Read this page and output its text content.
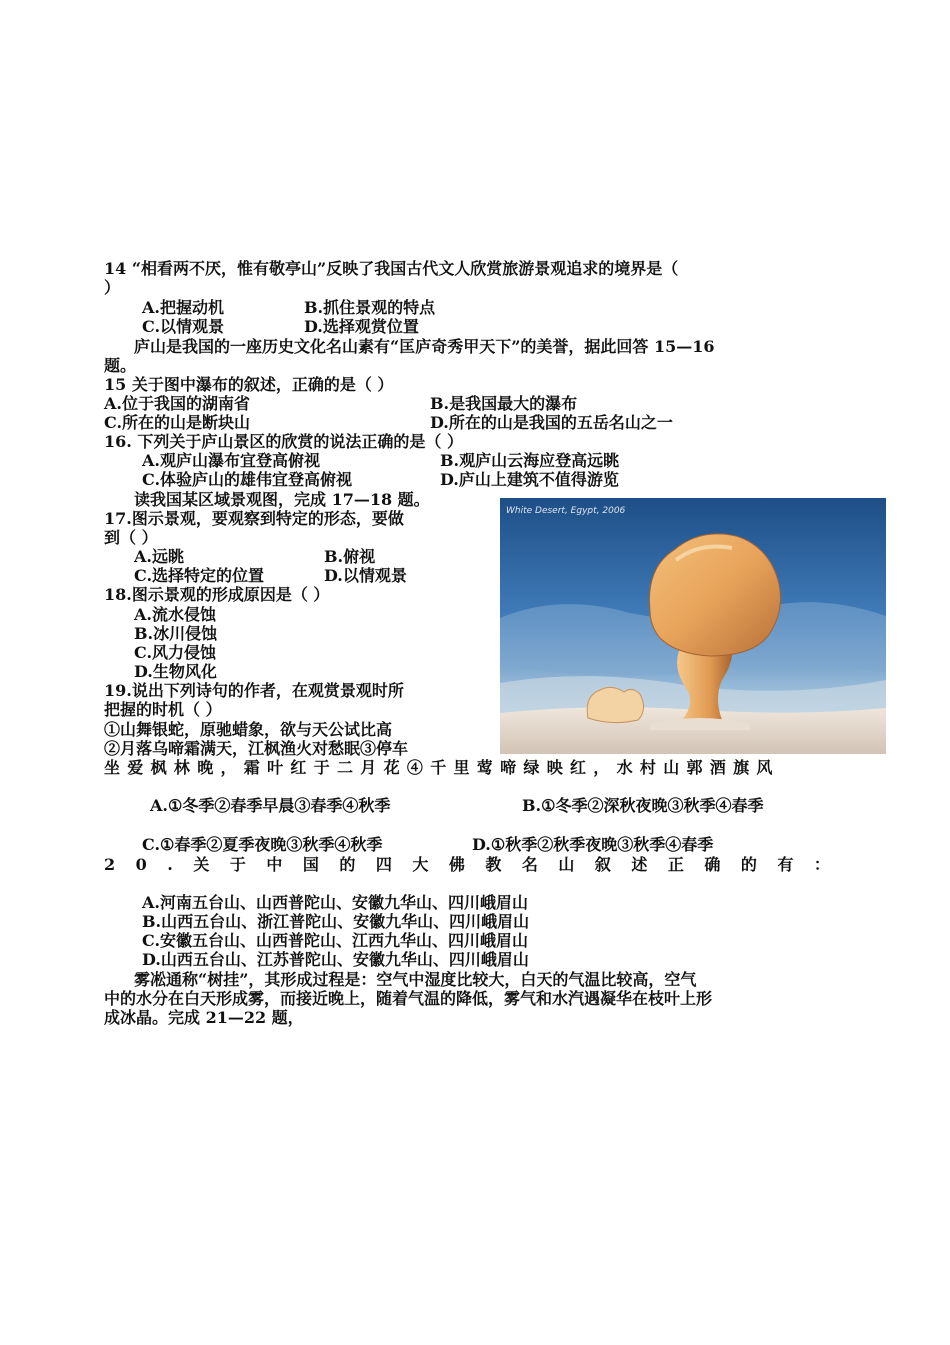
14 “相看两不厌，惟有敬亭山”反映了我国古代文人欣赏旅游景观追求的境界是（
）
A.把握动机	B.抓住景观的特点
C.以情观景	D.选择观赏位置
庐山是我国的一座历史文化名山素有“匡庐奇秀甲天下”的美誉，据此回答 15—16
题。
15 关于图中瀑布的叙述，正确的是（ ）
A.位于我国的湖南省	B.是我国最大的瀑布
C.所在的山是断块山	D.所在的山是我国的五岳名山之一
16. 下列关于庐山景区的欣赏的说法正确的是（ ）
A.观庐山瀑布宜登高俯视	B.观庐山云海应登高远眺
C.体验庐山的雄伟宜登高俯视	D.庐山上建筑不值得游览
读我国某区域景观图，完成 17—18 题。
17.图示景观，要观察到特定的形态，要做
到（ ）
A.远眺	B.俯视
C.选择特定的位置	D.以情观景
18.图示景观的形成原因是（ ）
A.流水侵蚀
B.冰川侵蚀
C.风力侵蚀
D.生物风化
19.说出下列诗句的作者，在观赏景观时所
把握的时机（ ）
①山舞银蛇，原驰蜡象，欲与天公试比高
②月落乌啼霜满天，江枫渔火对愁眠③停车
坐爱枫林晚，霜叶红于二月花④千里莺啼绿映红，水村山郭酒旗风
A.①冬季②春季早晨③春季④秋季	B.①冬季②深秋夜晚③秋季④春季
C.①春季②夏季夜晚③秋季④秋季	D.①秋季②秋季夜晚③秋季④春季
20.关于中国的四大佛教名山叙述正确的有：
A.河南五台山、山西普陀山、安徽九华山、四川峨眉山
B.山西五台山、浙江普陀山、安徽九华山、四川峨眉山
C.安徽五台山、山西普陀山、江西九华山、四川峨眉山
D.山西五台山、江苏普陀山、安徽九华山、四川峨眉山
雾凇通称“树挂”，其形成过程是：空气中湿度比较大，白天的气温比较高，空气
中的水分在白天形成雾，而接近晚上，随着气温的降低，雾气和水汽遇凝华在枝叶上形
成冰晶。完成 21—22 题，
White Desert, Egypt, 2006
